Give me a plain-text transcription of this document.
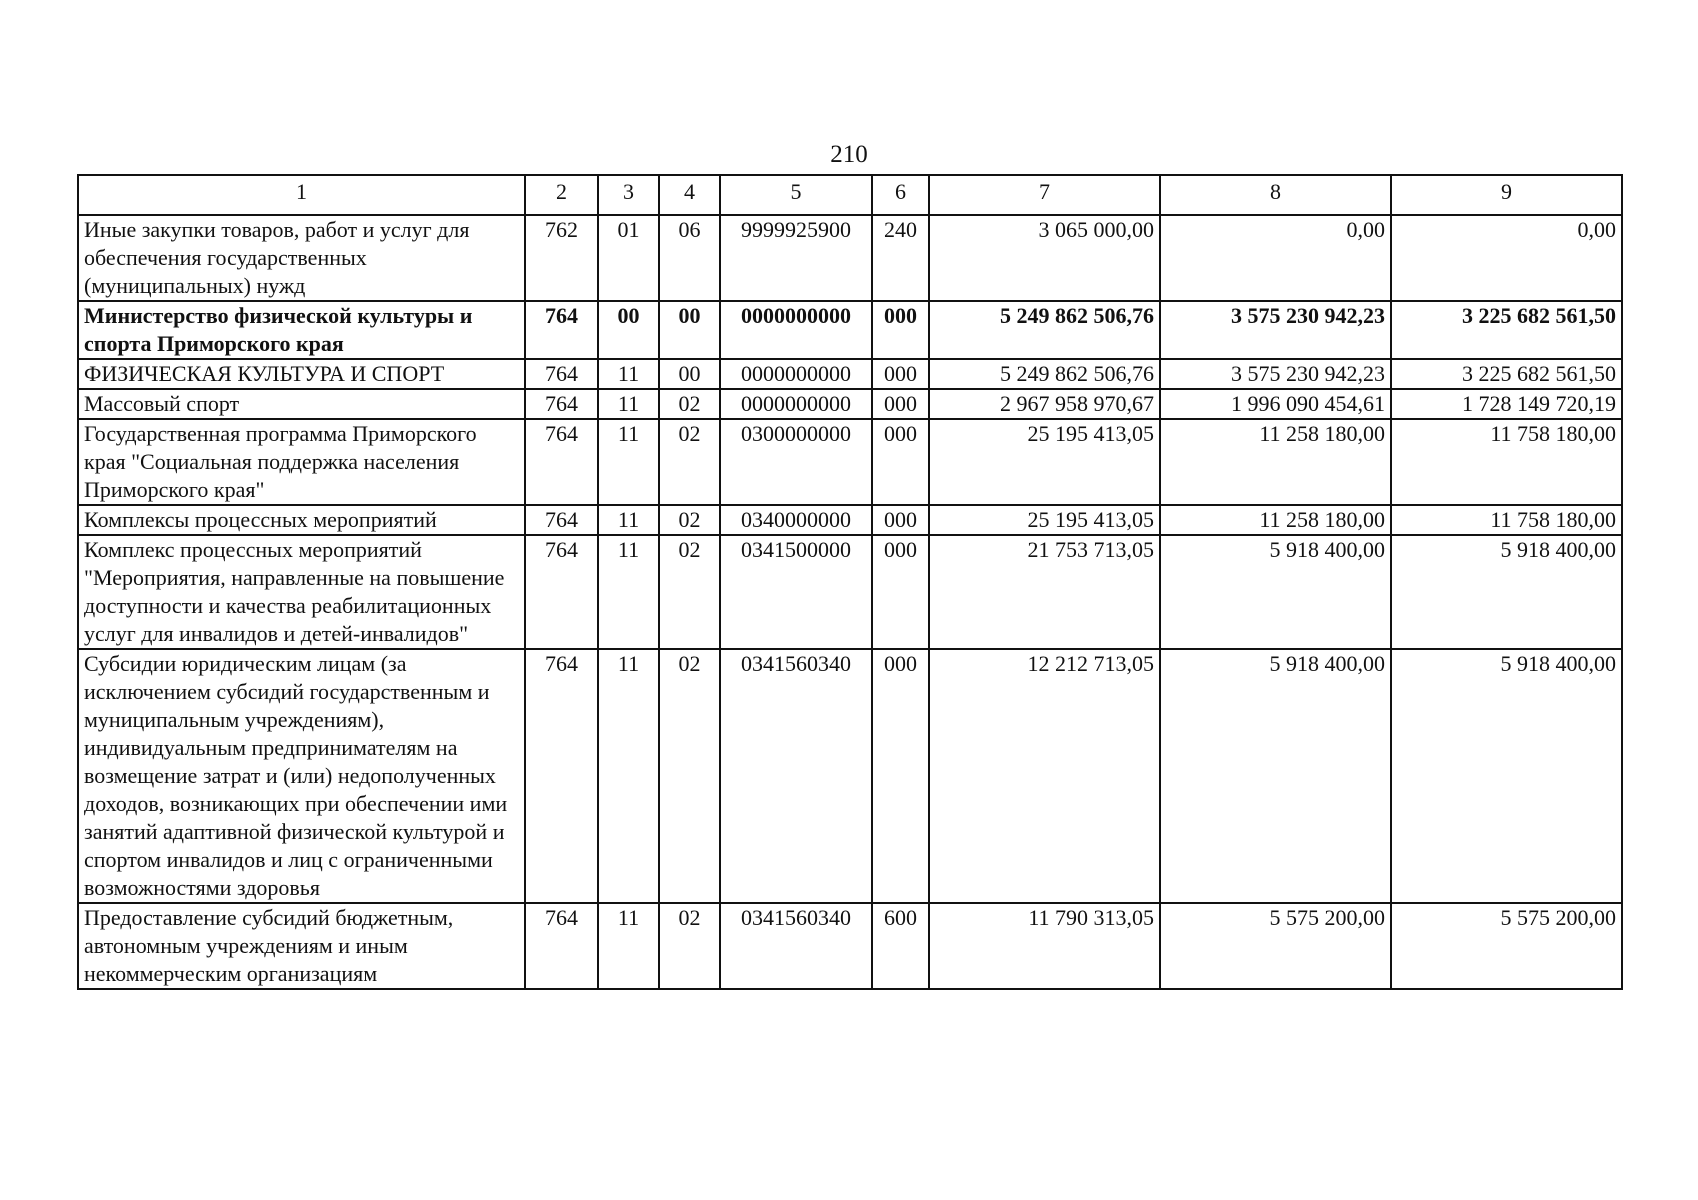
210
1	2	3	4	5	6	7	8	9
Иные закупки товаров, работ и услуг для обеспечения государственных (муниципальных) нужд	762	01	06	9999925900	240	3 065 000,00	0,00	0,00
Министерство физической культуры и спорта Приморского края	764	00	00	0000000000	000	5 249 862 506,76	3 575 230 942,23	3 225 682 561,50
ФИЗИЧЕСКАЯ КУЛЬТУРА И СПОРТ	764	11	00	0000000000	000	5 249 862 506,76	3 575 230 942,23	3 225 682 561,50
Массовый спорт	764	11	02	0000000000	000	2 967 958 970,67	1 996 090 454,61	1 728 149 720,19
Государственная программа Приморского края "Социальная поддержка населения Приморского края"	764	11	02	0300000000	000	25 195 413,05	11 258 180,00	11 758 180,00
Комплексы процессных мероприятий	764	11	02	0340000000	000	25 195 413,05	11 258 180,00	11 758 180,00
Комплекс процессных мероприятий "Мероприятия, направленные на повышение доступности и качества реабилитационных услуг для инвалидов и детей-инвалидов"	764	11	02	0341500000	000	21 753 713,05	5 918 400,00	5 918 400,00
Субсидии юридическим лицам (за исключением субсидий государственным и муниципальным учреждениям), индивидуальным предпринимателям на возмещение затрат и (или) недополученных доходов, возникающих при обеспечении ими занятий адаптивной физической культурой и спортом инвалидов и лиц с ограниченными возможностями здоровья	764	11	02	0341560340	000	12 212 713,05	5 918 400,00	5 918 400,00
Предоставление субсидий бюджетным, автономным учреждениям и иным некоммерческим организациям	764	11	02	0341560340	600	11 790 313,05	5 575 200,00	5 575 200,00
